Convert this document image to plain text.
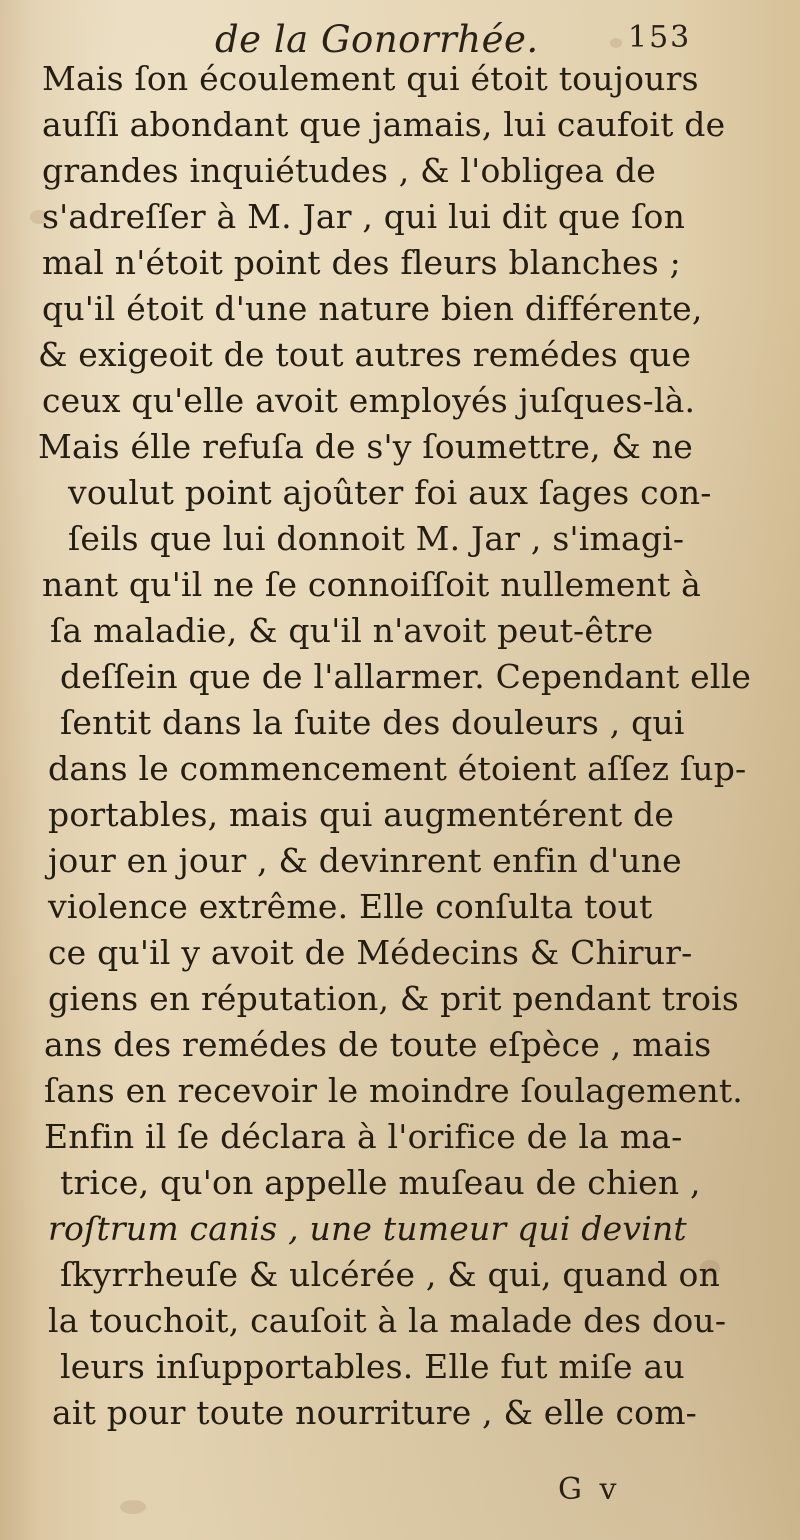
de la Gonorrhée.	153
Mais ſon écoulement qui étoit toujours
auſſi abondant que jamais, lui caufoit de
grandes inquiétudes , & l'obligea de
s'adreſſer à M. Jar , qui lui dit que ſon
mal n'étoit point des fleurs blanches ;
qu'il étoit d'une nature bien différente,
& exigeoit de tout autres remédes que
ceux qu'elle avoit employés juſques-là.
Mais élle refuſa de s'y ſoumettre, & ne
voulut point ajoûter foi aux ſages con-
ſeils que lui donnoit M. Jar , s'imagi-
nant qu'il ne ſe connoiſſoit nullement à
ſa maladie, & qu'il n'avoit peut-être
deſſein que de l'allarmer. Cependant elle
ſentit dans la ſuite des douleurs , qui
dans le commencement étoient aſſez ſup-
portables, mais qui augmentérent de
jour en jour , & devinrent enfin d'une
violence extrême. Elle conſulta tout
ce qu'il y avoit de Médecins & Chirur-
giens en réputation, & prit pendant trois
ans des remédes de toute eſpèce , mais
ſans en recevoir le moindre ſoulagement.
Enfin il ſe déclara à l'orifice de la ma-
trice, qu'on appelle muſeau de chien ,
roſtrum canis , une tumeur qui devint
ſkyrrheuſe & ulcérée , & qui, quand on
la touchoit, cauſoit à la malade des dou-
leurs inſupportables. Elle fut miſe au
ait pour toute nourriture , & elle com-
G v
